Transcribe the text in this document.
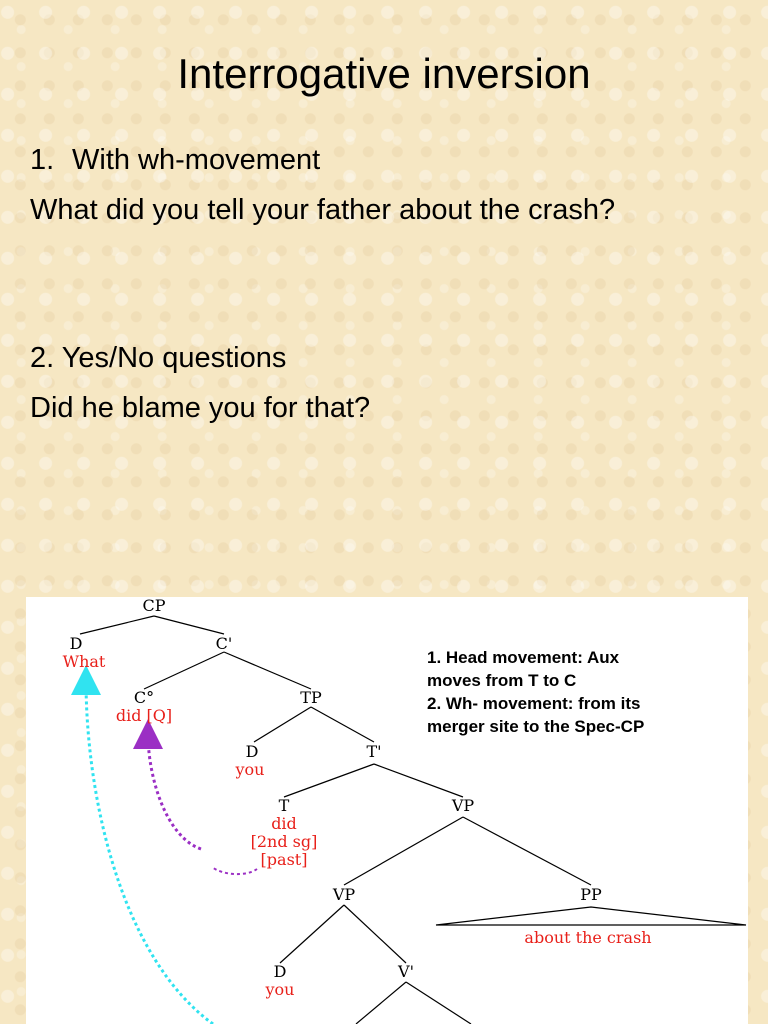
Interrogative inversion
1. With wh-movement
What did you tell your father about the crash?
2. Yes/No questions
Did he blame you for that?
CP
D
What
C'
C°
did [Q]
TP
D
you
T'
T
did
[2nd sg]
[past]
VP
VP	PP
about the crash
D
you
V'
1. Head movement: Aux
moves from T to C
2. Wh- movement: from its
merger site to the Spec-CP
